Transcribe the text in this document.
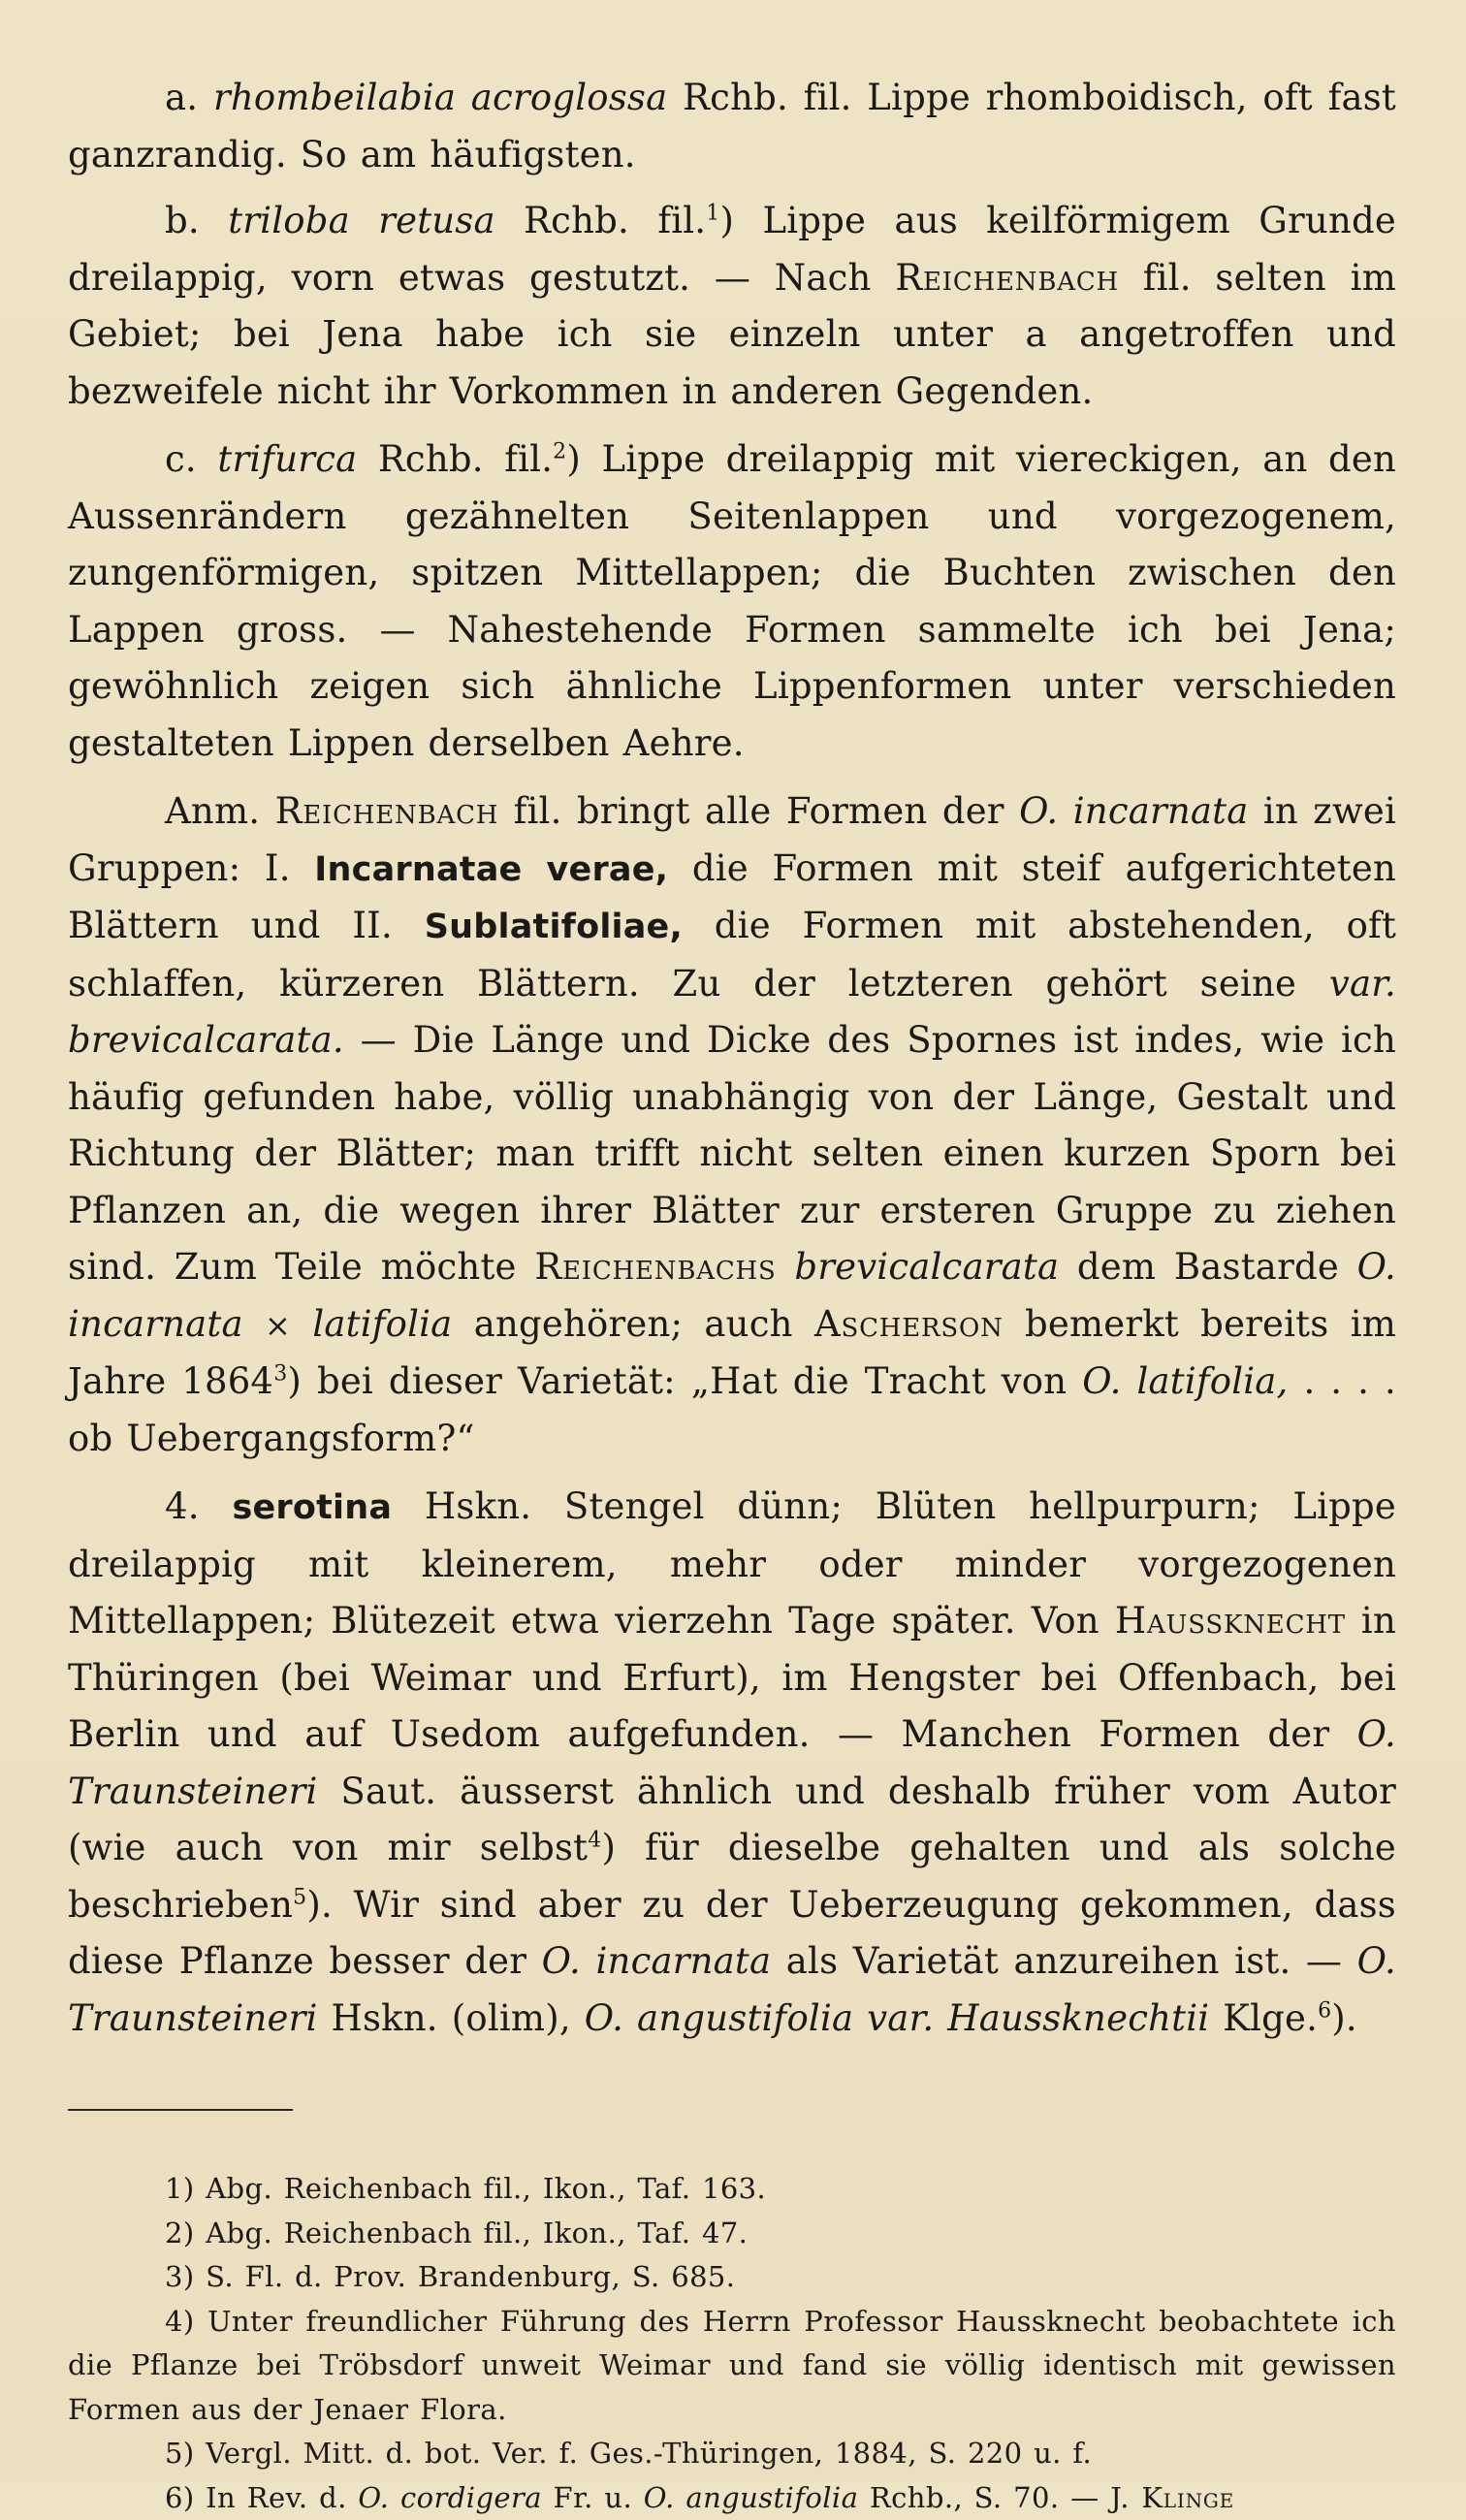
a. rhombeilabia acroglossa Rchb. fil. Lippe rhomboidisch, oft fast ganzrandig. So am häufigsten.

b. triloba retusa Rchb. fil.$^1$) Lippe aus keilförmigem Grunde dreilappig, vorn etwas gestutzt. — Nach Reichenbach fil. selten im Gebiet; bei Jena habe ich sie einzeln unter a angetroffen und bezweifele nicht ihr Vorkommen in anderen Gegenden.

c. trifurca Rchb. fil.$^2$) Lippe dreilappig mit viereckigen, an den Aussenrändern gezähnelten Seitenlappen und vorgezogenem, zungenförmigen, spitzen Mittellappen; die Buchten zwischen den Lappen gross. — Nahestehende Formen sammelte ich bei Jena; gewöhnlich zeigen sich ähnliche Lippenformen unter verschieden gestalteten Lippen derselben Aehre.

Anm. Reichenbach fil. bringt alle Formen der O. incarnata in zwei Gruppen: I. Incarnatae verae, die Formen mit steif aufgerichteten Blättern und II. Sublatifoliae, die Formen mit abstehenden, oft schlaffen, kürzeren Blättern. Zu der letzteren gehört seine var. brevicalcarata. — Die Länge und Dicke des Spornes ist indes, wie ich häufig gefunden habe, völlig unabhängig von der Länge, Gestalt und Richtung der Blätter; man trifft nicht selten einen kurzen Sporn bei Pflanzen an, die wegen ihrer Blätter zur ersteren Gruppe zu ziehen sind. Zum Teile möchte Reichenbachs brevicalcarata dem Bastarde O. incarnata × latifolia angehören; auch Ascherson bemerkt bereits im Jahre 1864$^3$) bei dieser Varietät: „Hat die Tracht von O. latifolia, . . . . ob Uebergangsform?“

4. serotina Hskn. Stengel dünn; Blüten hellpurpurn; Lippe dreilappig mit kleinerem, mehr oder minder vorgezogenen Mittellappen; Blütezeit etwa vierzehn Tage später. Von Haussknecht in Thüringen (bei Weimar und Erfurt), im Hengster bei Offenbach, bei Berlin und auf Usedom aufgefunden. — Manchen Formen der O. Traunsteineri Saut. äusserst ähnlich und deshalb früher vom Autor (wie auch von mir selbst$^4$) für dieselbe gehalten und als solche beschrieben$^5$). Wir sind aber zu der Ueberzeugung gekommen, dass diese Pflanze besser der O. incarnata als Varietät anzureihen ist. — O. Traunsteineri Hskn. (olim), O. angustifolia var. Haussknechtii Klge.$^6$).

1) Abg. Reichenbach fil., Ikon., Taf. 163.

2) Abg. Reichenbach fil., Ikon., Taf. 47.

3) S. Fl. d. Prov. Brandenburg, S. 685.

4) Unter freundlicher Führung des Herrn Professor Haussknecht beobachtete ich die Pflanze bei Tröbsdorf unweit Weimar und fand sie völlig identisch mit gewissen Formen aus der Jenaer Flora.

5) Vergl. Mitt. d. bot. Ver. f. Ges.-Thüringen, 1884, S. 220 u. f.

6) In Rev. d. O. cordigera Fr. u. O. angustifolia Rchb., S. 70. — J. Klinge
